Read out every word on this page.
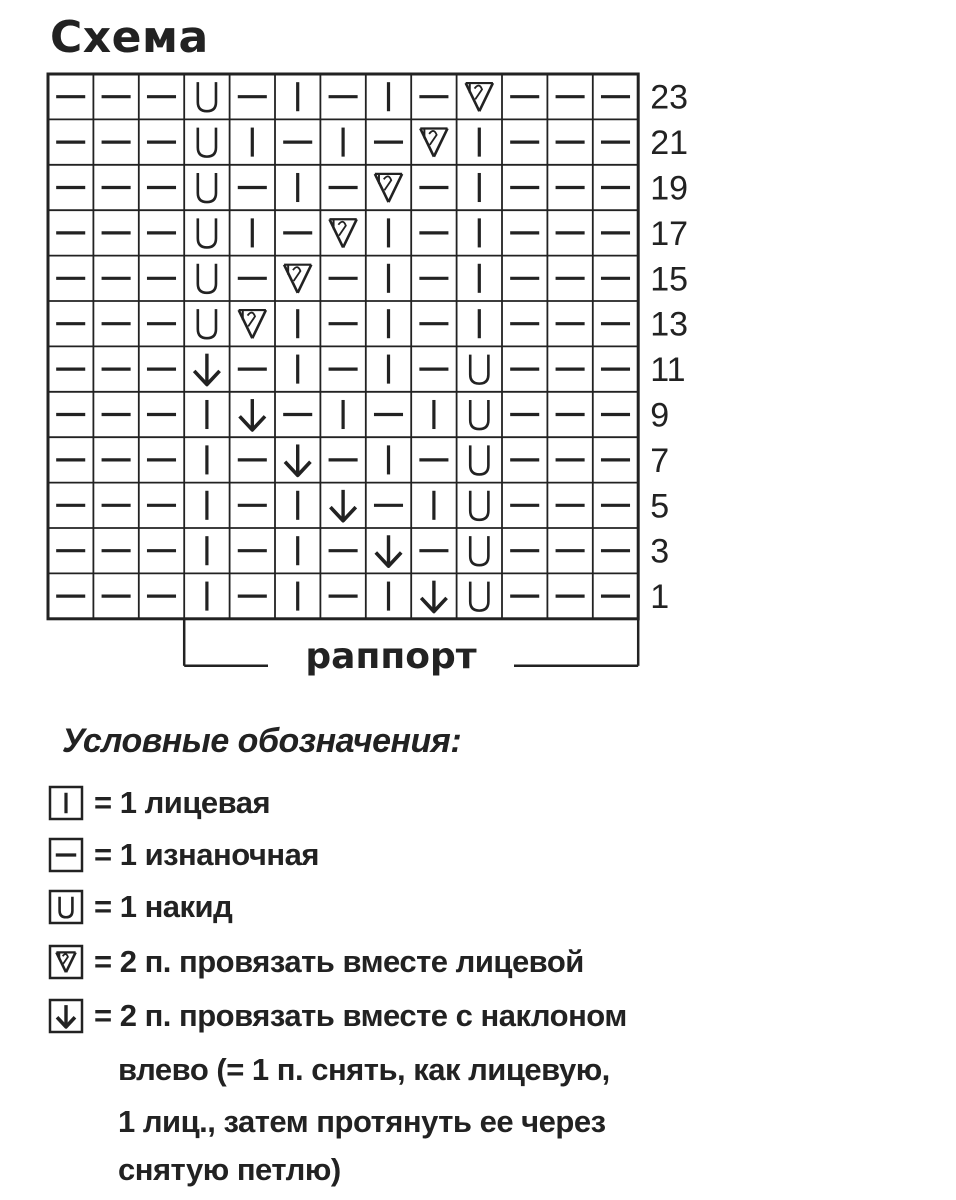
Схема
23
21
19
17
15
13
11
9
7
5
3
1
раппорт
Условные обозначения:
= 1 лицевая
= 1 изнаночная
= 1 накид
= 2 п. провязать вместе лицевой
= 2 п. провязать вместе с наклоном
влево (= 1 п. снять, как лицевую,
1 лиц., затем протянуть ее через
снятую петлю)
